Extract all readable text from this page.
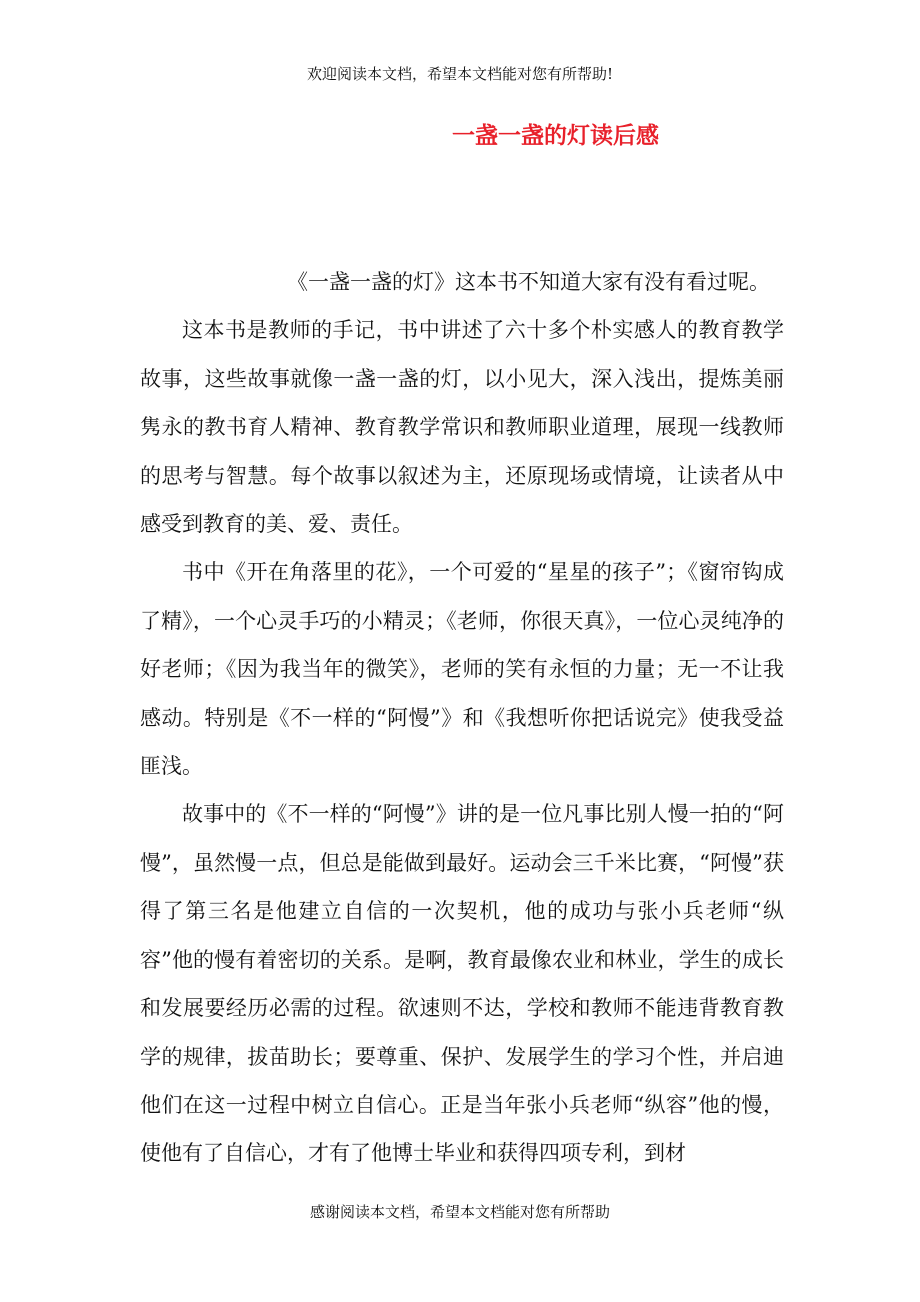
欢迎阅读本文档，希望本文档能对您有所帮助!
一盏一盏的灯读后感

《一盏一盏的灯》这本书不知道大家有没有看过呢。

这本书是教师的手记，书中讲述了六十多个朴实感人的教育教学故事，这些故事就像一盏一盏的灯，以小见大，深入浅出，提炼美丽隽永的教书育人精神、教育教学常识和教师职业道理，展现一线教师的思考与智慧。每个故事以叙述为主，还原现场或情境，让读者从中感受到教育的美、爱、责任。

书中《开在角落里的花》，一个可爱的“星星的孩子”；《窗帘钩成了精》，一个心灵手巧的小精灵；《老师，你很天真》，一位心灵纯净的好老师；《因为我当年的微笑》，老师的笑有永恒的力量；无一不让我感动。特别是《不一样的“阿慢”》和《我想听你把话说完》使我受益匪浅。

故事中的《不一样的“阿慢”》讲的是一位凡事比别人慢一拍的“阿慢”，虽然慢一点，但总是能做到最好。运动会三千米比赛，“阿慢”获得了第三名是他建立自信的一次契机，他的成功与张小兵老师“纵容”他的慢有着密切的关系。是啊，教育最像农业和林业，学生的成长和发展要经历必需的过程。欲速则不达，学校和教师不能违背教育教学的规律，拔苗助长；要尊重、保护、发展学生的学习个性，并启迪他们在这一过程中树立自信心。正是当年张小兵老师“纵容”他的慢，使他有了自信心，才有了他博士毕业和获得四项专利，到材

感谢阅读本文档，希望本文档能对您有所帮助
